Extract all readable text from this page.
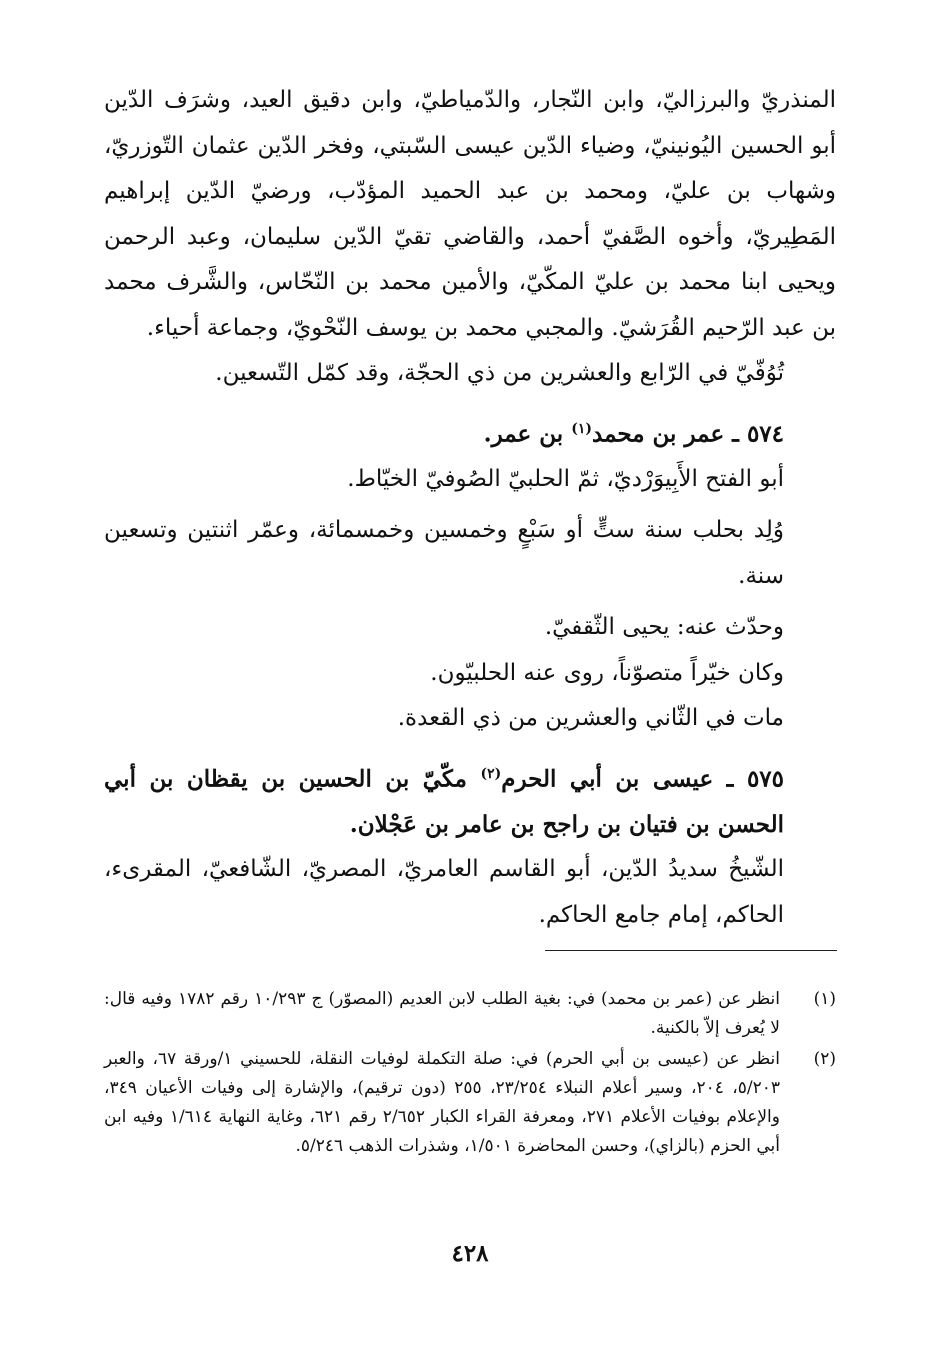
المنذريّ والبرزاليّ، وابن النّجار، والدّمياطيّ، وابن دقيق العيد، وشرَف الدّين أبو الحسين اليُونينيّ، وضياء الدّين عيسى السّبتي، وفخر الدّين عثمان التّوزريّ، وشهاب بن عليّ، ومحمد بن عبد الحميد المؤدّب، ورضيّ الدّين إبراهيم المَطِيريّ، وأخوه الصَّفيّ أحمد، والقاضي تقيّ الدّين سليمان، وعبد الرحمن ويحيى ابنا محمد بن عليّ المكّيّ، والأمين محمد بن النّحّاس، والشَّرف محمد بن عبد الرّحيم القُرَشيّ. والمجبي محمد بن يوسف النّحْويّ، وجماعة أحياء.

تُوُفّيّ في الرّابع والعشرين من ذي الحجّة، وقد كمّل التّسعين.

٥٧٤ ـ عمر بن محمد$^{(١)}$ بن عمر.

أبو الفتح الأَبِيوَرْديّ، ثمّ الحلبيّ الصُوفيّ الخيّاط.

وُلِد بحلب سنة ستٍّ أو سَبْعٍ وخمسين وخمسمائة، وعمّر اثنتين وتسعين سنة.

وحدّث عنه: يحيى الثّقفيّ.

وكان خيّراً متصوّناً، روى عنه الحلبيّون.

مات في الثّاني والعشرين من ذي القعدة.

٥٧٥ ـ عيسى بن أبي الحرم$^{(٢)}$ مكّيّ بن الحسين بن يقظان بن أبي الحسن بن فتيان بن راجح بن عامر بن عَجْلان.

الشّيخُ سديدُ الدّين، أبو القاسم العامريّ، المصريّ، الشّافعيّ، المقرىء، الحاكم، إمام جامع الحاكم.

(١)
انظر عن (عمر بن محمد) في: بغية الطلب لابن العديم (المصوّر) ج ١٠/٢٩٣ رقم ١٧٨٢ وفيه قال: لا يُعرف إلاّ بالكنية.
(٢)
انظر عن (عيسى بن أبي الحرم) في: صلة التكملة لوفيات النقلة، للحسيني ١/ورقة ٦٧، والعبر ٥/٢٠٣، ٢٠٤، وسير أعلام النبلاء ٢٣/٢٥٤، ٢٥٥ (دون ترقيم)، والإشارة إلى وفيات الأعيان ٣٤٩، والإعلام بوفيات الأعلام ٢٧١، ومعرفة القراء الكبار ٢/٦٥٢ رقم ٦٢١، وغاية النهاية ١/٦١٤ وفيه ابن أبي الحزم (بالزاي)، وحسن المحاضرة ١/٥٠١، وشذرات الذهب ٥/٢٤٦.
٤٢٨
